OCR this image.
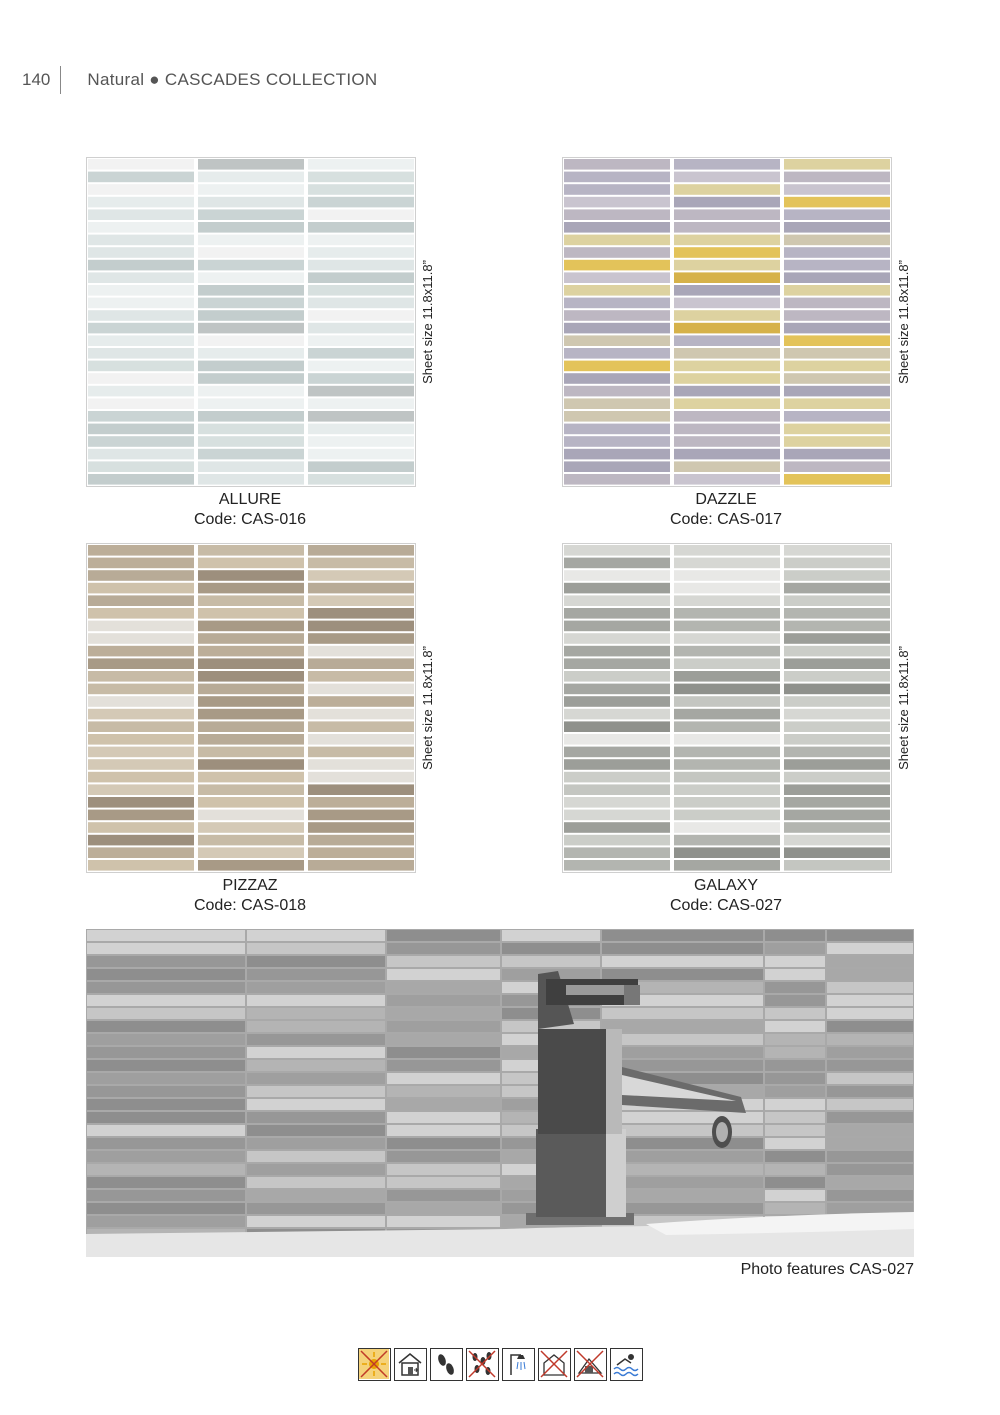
140	Natural ● CASCADES COLLECTION
Sheet size 11.8x11.8”
ALLURE
Code: CAS-016
Sheet size 11.8x11.8”
DAZZLE
Code: CAS-017
Sheet size 11.8x11.8”
PIZZAZ
Code: CAS-018
Sheet size 11.8x11.8”
GALAXY
Code: CAS-027
Photo features CAS-027
